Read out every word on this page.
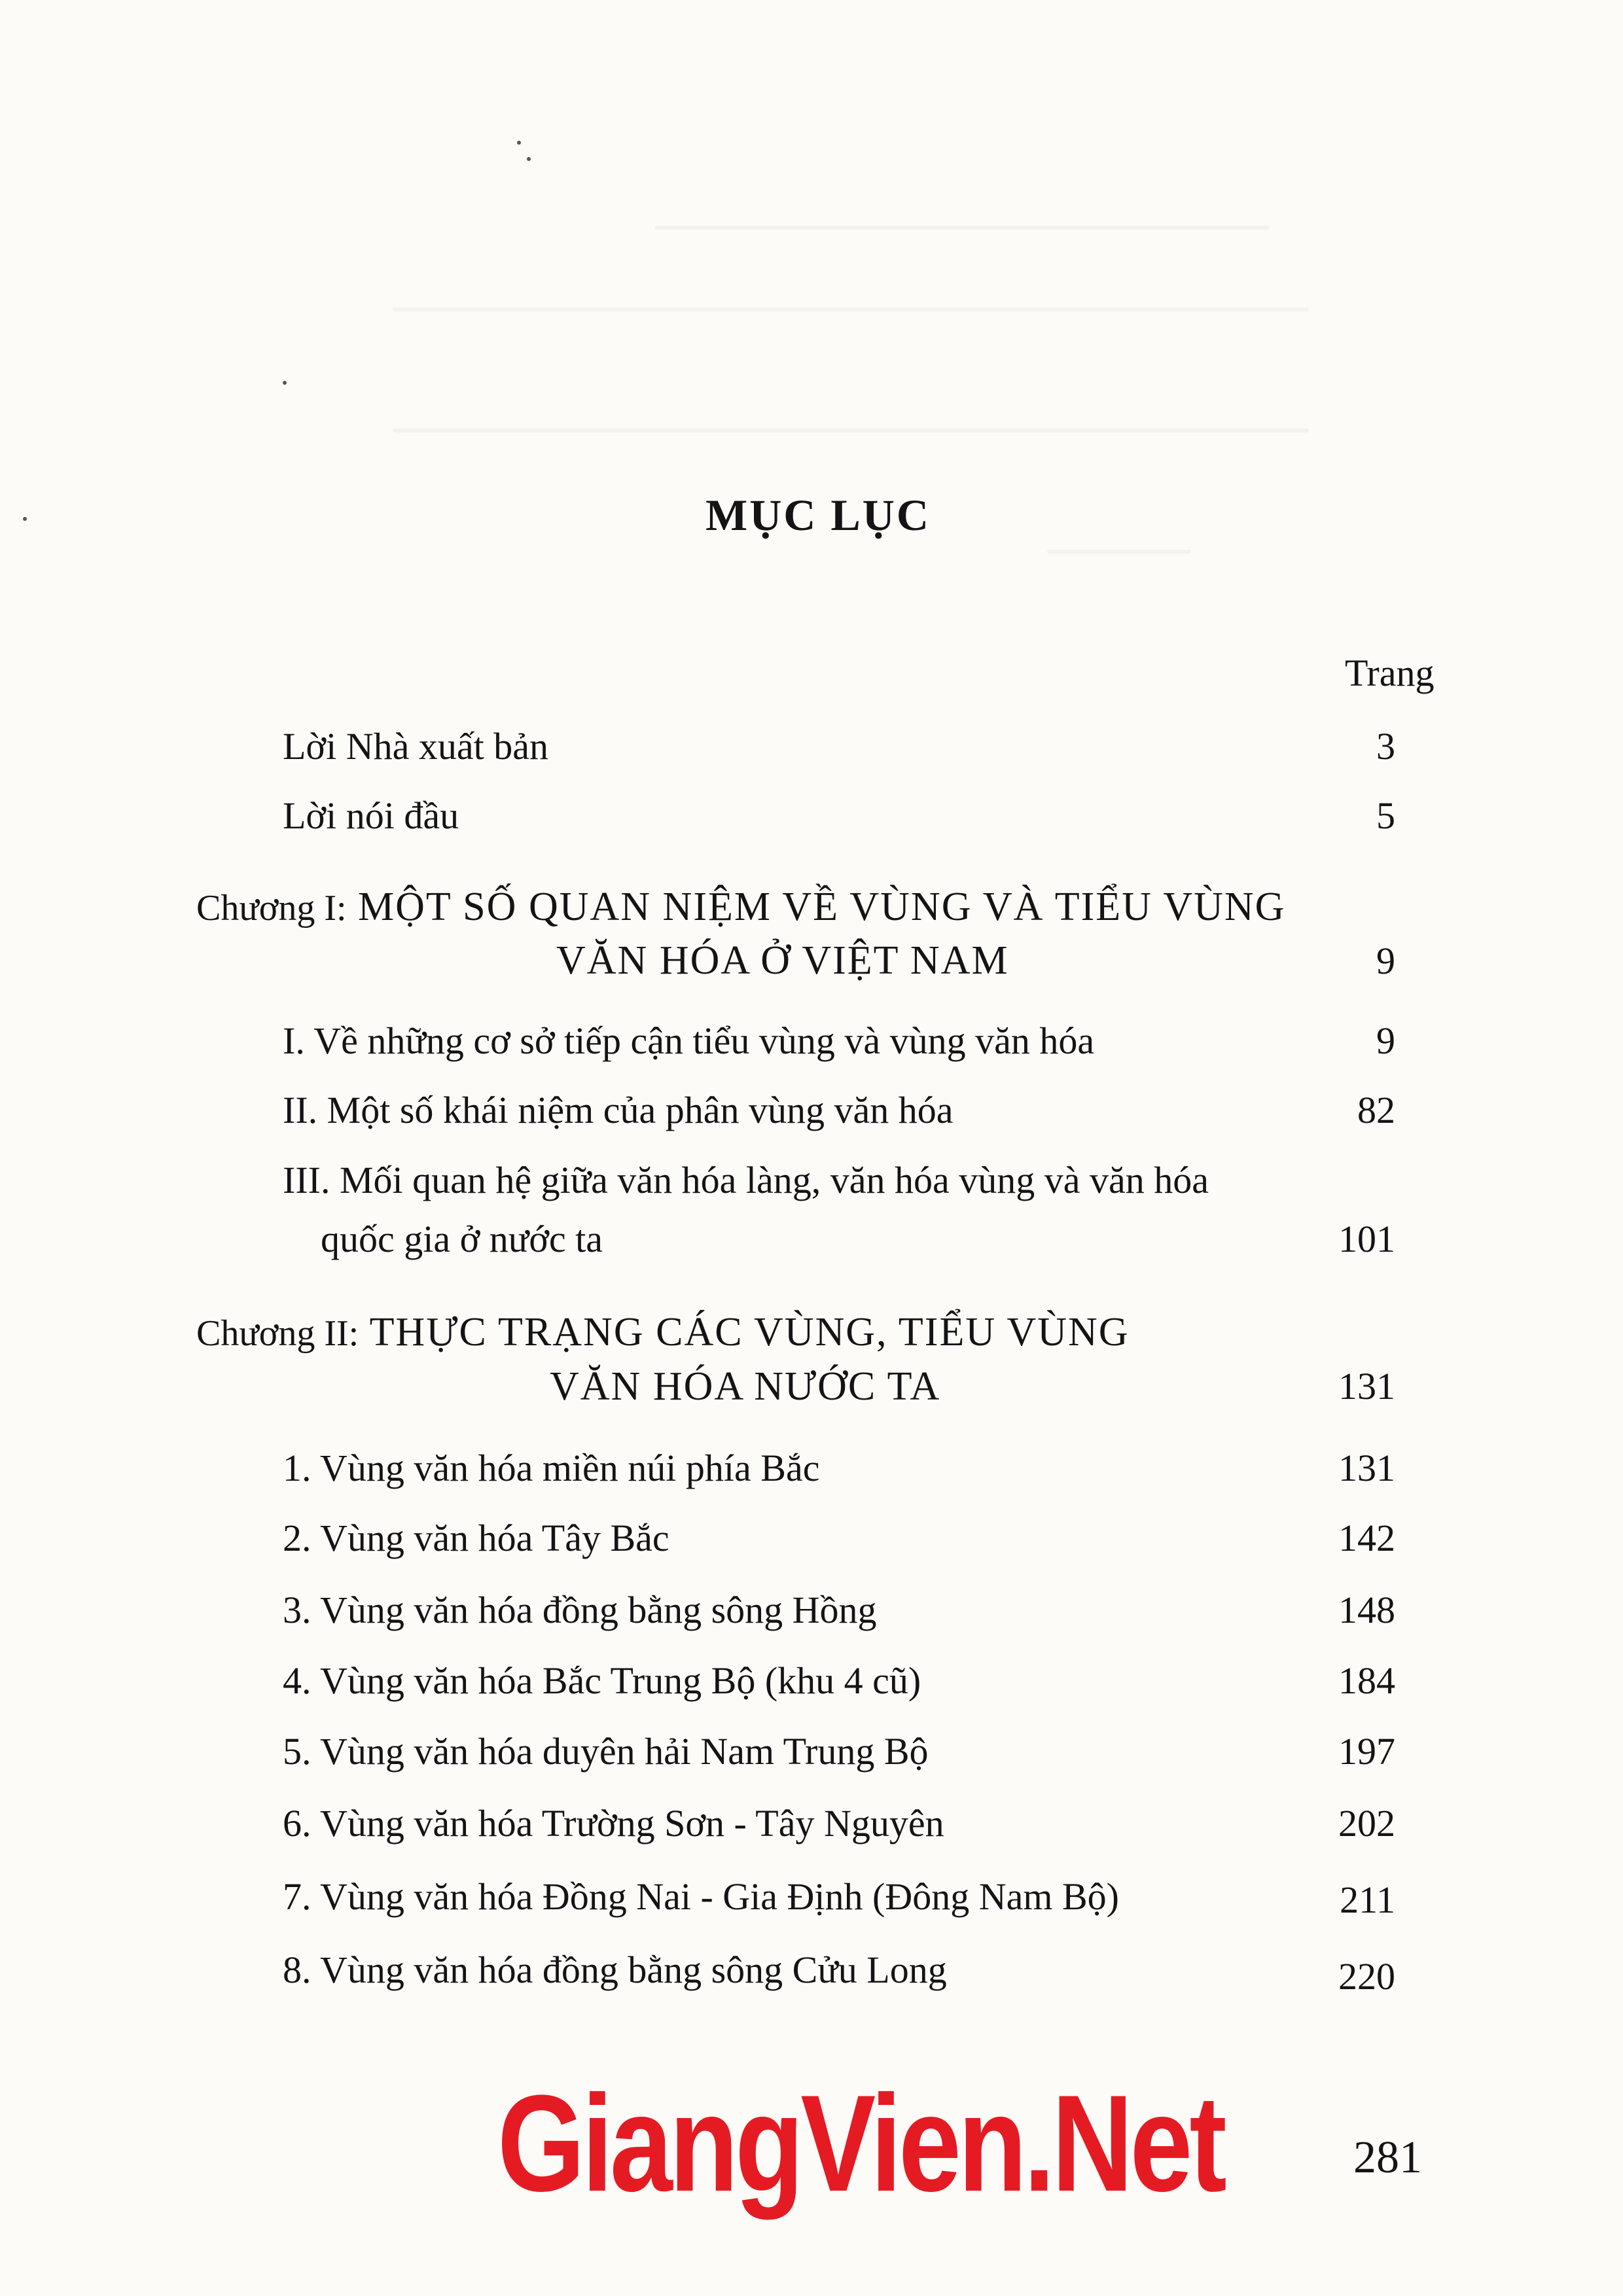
MỤC LỤC
Trang
Lời Nhà xuất bản	3
Lời nói đầu	5
Chương I: MỘT SỐ QUAN NIỆM VỀ VÙNG VÀ TIỂU VÙNG
VĂN HÓA Ở VIỆT NAM	9
I. Về những cơ sở tiếp cận tiểu vùng và vùng văn hóa	9
II. Một số khái niệm của phân vùng văn hóa	82
III. Mối quan hệ giữa văn hóa làng, văn hóa vùng và văn hóa
quốc gia ở nước ta	101
Chương II: THỰC TRẠNG CÁC VÙNG, TIỂU VÙNG
VĂN HÓA NƯỚC TA	131
1. Vùng văn hóa miền núi phía Bắc	131
2. Vùng văn hóa Tây Bắc	142
3. Vùng văn hóa đồng bằng sông Hồng	148
4. Vùng văn hóa Bắc Trung Bộ (khu 4 cũ)	184
5. Vùng văn hóa duyên hải Nam Trung Bộ	197
6. Vùng văn hóa Trường Sơn - Tây Nguyên	202
7. Vùng văn hóa Đồng Nai - Gia Định (Đông Nam Bộ)	211
8. Vùng văn hóa đồng bằng sông Cửu Long	220
GiangVien.Net	281
